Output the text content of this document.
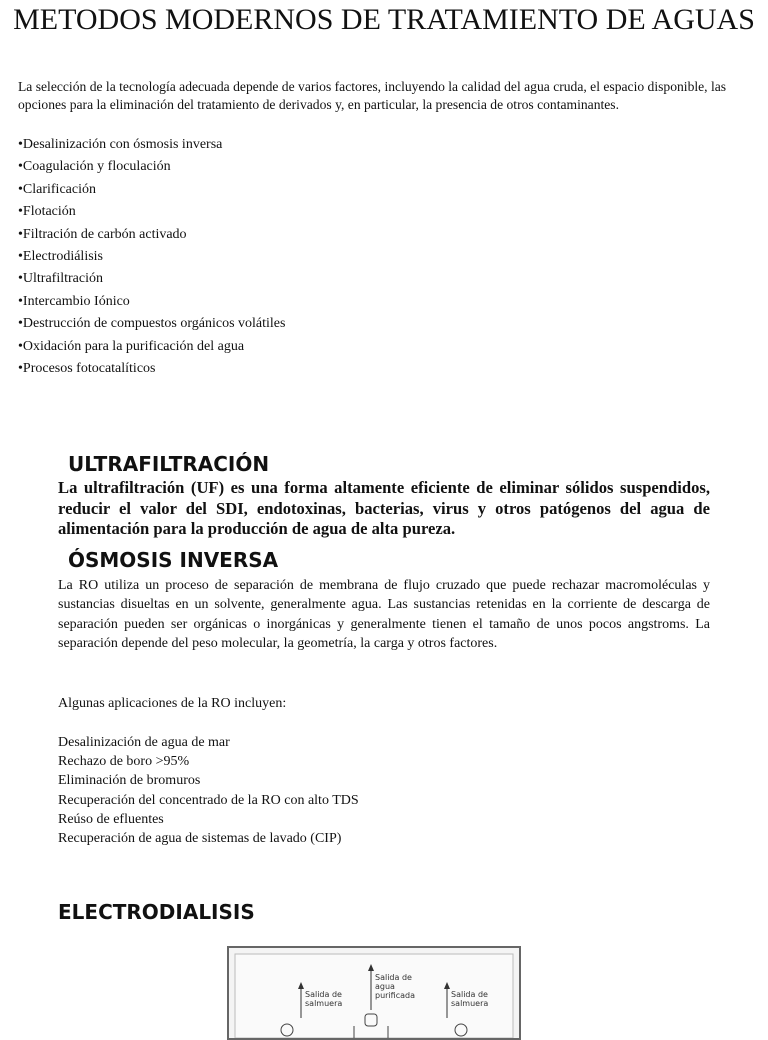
METODOS MODERNOS DE TRATAMIENTO DE AGUAS
La selección de la tecnología adecuada depende de varios factores, incluyendo la calidad del agua cruda, el espacio disponible, las opciones para la eliminación del tratamiento de derivados y, en particular, la presencia de otros contaminantes.
•Desalinización con ósmosis inversa
•Coagulación y floculación
•Clarificación
•Flotación
•Filtración de carbón activado
•Electrodiálisis
•Ultrafiltración
•Intercambio Iónico
•Destrucción de compuestos orgánicos volátiles
•Oxidación para la purificación del agua
•Procesos fotocatalíticos
ULTRAFILTRACIÓN
La ultrafiltración (UF) es una forma altamente eficiente de eliminar sólidos suspendidos, reducir el valor del SDI, endotoxinas, bacterias, virus y otros patógenos del agua de alimentación para la producción de agua de alta pureza.
ÓSMOSIS INVERSA
La RO utiliza un proceso de separación de membrana de flujo cruzado que puede rechazar macromoléculas y sustancias disueltas en un solvente, generalmente agua. Las sustancias retenidas en la corriente de descarga de separación pueden ser orgánicas o inorgánicas y generalmente tienen el tamaño de unos pocos angstroms. La separación depende del peso molecular, la geometría, la carga y otros factores.
Algunas aplicaciones de la RO incluyen:
Desalinización de agua de mar
Rechazo de boro >95%
Eliminación de bromuros
Recuperación del concentrado de la RO con alto TDS
Reúso de efluentes
Recuperación de agua de sistemas de lavado (CIP)
ELECTRODIALISIS
Salida de
salmuera
Salida de
agua
purificada	Salida de
salmuera
